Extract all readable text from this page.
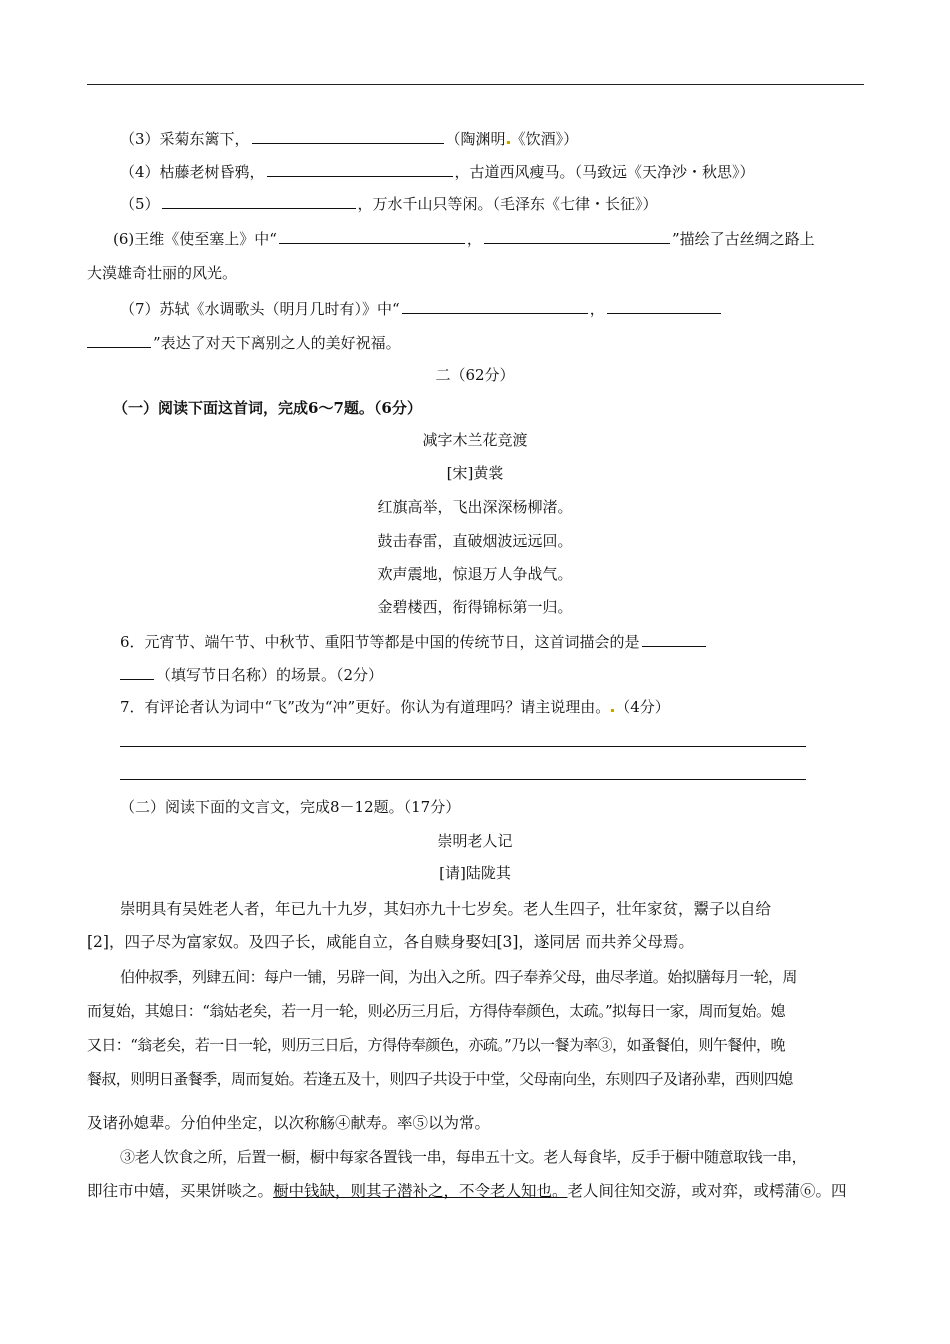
（3）采菊东篱下，	（陶渊明 《饮酒》）
（4）枯藤老树昏鸦，	，古道西风瘦马。（马致远《天净沙・秋思》）
（5）	，万水千山只等闲。（毛泽东《七律・长征》）
(6)王维《使至塞上》中“	，	”描绘了古丝绸之路上
大漠雄奇壮丽的风光。
（7）苏轼《水调歌头（明月几时有）》中“	，
”表达了对天下离别之人的美好祝福。
二（62分）
（一）阅读下面这首词，完成6～7题。（6分）
减字木兰花竞渡
[宋]黄裳
红旗高举，飞出深深杨柳渚。
鼓击春雷，直破烟波远远回。
欢声震地，惊退万人争战气。
金碧楼西，衔得锦标第一归。
6．元宵节、端午节、中秋节、重阳节等都是中国的传统节日，这首词描会的是
（填写节日名称）的场景。（2分）
7．有评论者认为词中“飞”改为“冲”更好。你认为有道理吗？请主说理由。 （4分）
（二）阅读下面的文言文，完成8－12题。（17分）
崇明老人记
[请]陆陇其
崇明具有吴姓老人者，年已九十九岁，其妇亦九十七岁矣。老人生四子，壮年家贫，鬻子以自给
[2]，四子尽为富家奴。及四子长，咸能自立，各自赎身娶妇[3]，遂同居 而共养父母焉。
伯仲叔季，列肆五间：每户一铺，另辟一间，为出入之所。四子奉养父母，曲尽孝道。始拟膳每月一轮，周
而复始，其媳日：“翁姑老矣，若一月一轮，则必历三月后，方得侍奉颜色，太疏。”拟每日一家，周而复始。媳
又日：“翁老矣，若一日一轮，则历三日后，方得侍奉颜色，亦疏。”乃以一餐为率③，如蚤餐伯，则午餐仲，晚
餐叔，则明日蚤餐季，周而复始。若逢五及十，则四子共设于中堂，父母南向坐，东则四子及诸孙辈，西则四媳
及诸孙媳辈。分伯仲坐定，以次称觞④献寿。率⑤以为常。
③老人饮食之所，后置一橱，橱中每家各置钱一串，每串五十文。老人每食毕，反手于橱中随意取钱一串，
即往市中嬉，买果饼啖之。橱中钱缺，则其子潜补之，不令老人知也。老人间往知交游，或对弈，或樗蒲⑥。四
